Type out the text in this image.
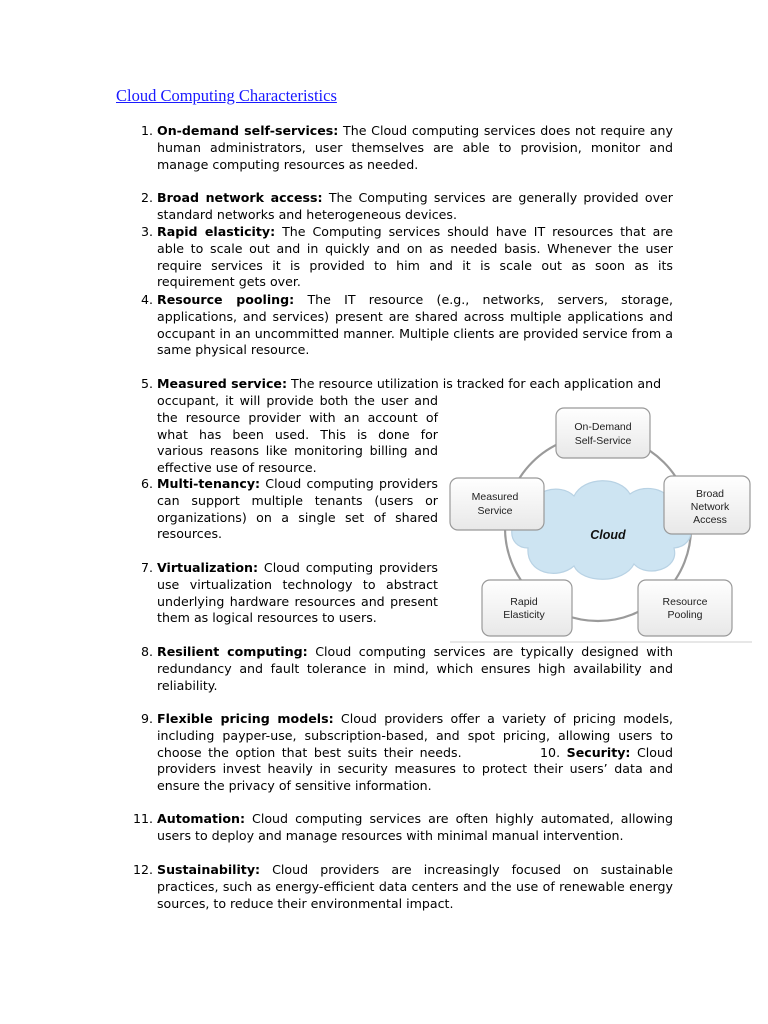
Cloud Computing Characteristics

1. On-demand self-services: The Cloud computing services does not require any human administrators, user themselves are able to provision, monitor and manage computing resources as needed.

2. Broad network access: The Computing services are generally provided over standard networks and heterogeneous devices.

3. Rapid elasticity: The Computing services should have IT resources that are able to scale out and in quickly and on as needed basis. Whenever the user require services it is provided to him and it is scale out as soon as its requirement gets over.

4. Resource pooling: The IT resource (e.g., networks, servers, storage, applications, and services) present are shared across multiple applications and occupant in an uncommitted manner. Multiple clients are provided service from a same physical resource.

5. Measured service: The resource utilization is tracked for each application and

occupant, it will provide both the user and the resource provider with an account of what has been used. This is done for various reasons like monitoring billing and effective use of resource.

6. Multi-tenancy: Cloud computing providers can support multiple tenants (users or organizations) on a single set of shared resources.

7. Virtualization: Cloud computing providers use virtualization technology to abstract underlying hardware resources and present them as logical resources to users.

8. Resilient computing: Cloud computing services are typically designed with redundancy and fault tolerance in mind, which ensures high availability and reliability.

9. Flexible pricing models: Cloud providers offer a variety of pricing models, including payper-use, subscription-based, and spot pricing, allowing users to choose the option that best suits their needs.	10. Security: Cloud providers invest heavily in security measures to protect their users’ data and ensure the privacy of sensitive information.

11. Automation: Cloud computing services are often highly automated, allowing users to deploy and manage resources with minimal manual intervention.

12. Sustainability: Cloud providers are increasingly focused on sustainable practices, such as energy-efficient data centers and the use of renewable energy sources, to reduce their environmental impact.

Cloud
On-Demand
Self-Service
Measured
Service
Broad
Network
Access
Rapid
Elasticity
Resource
Pooling
